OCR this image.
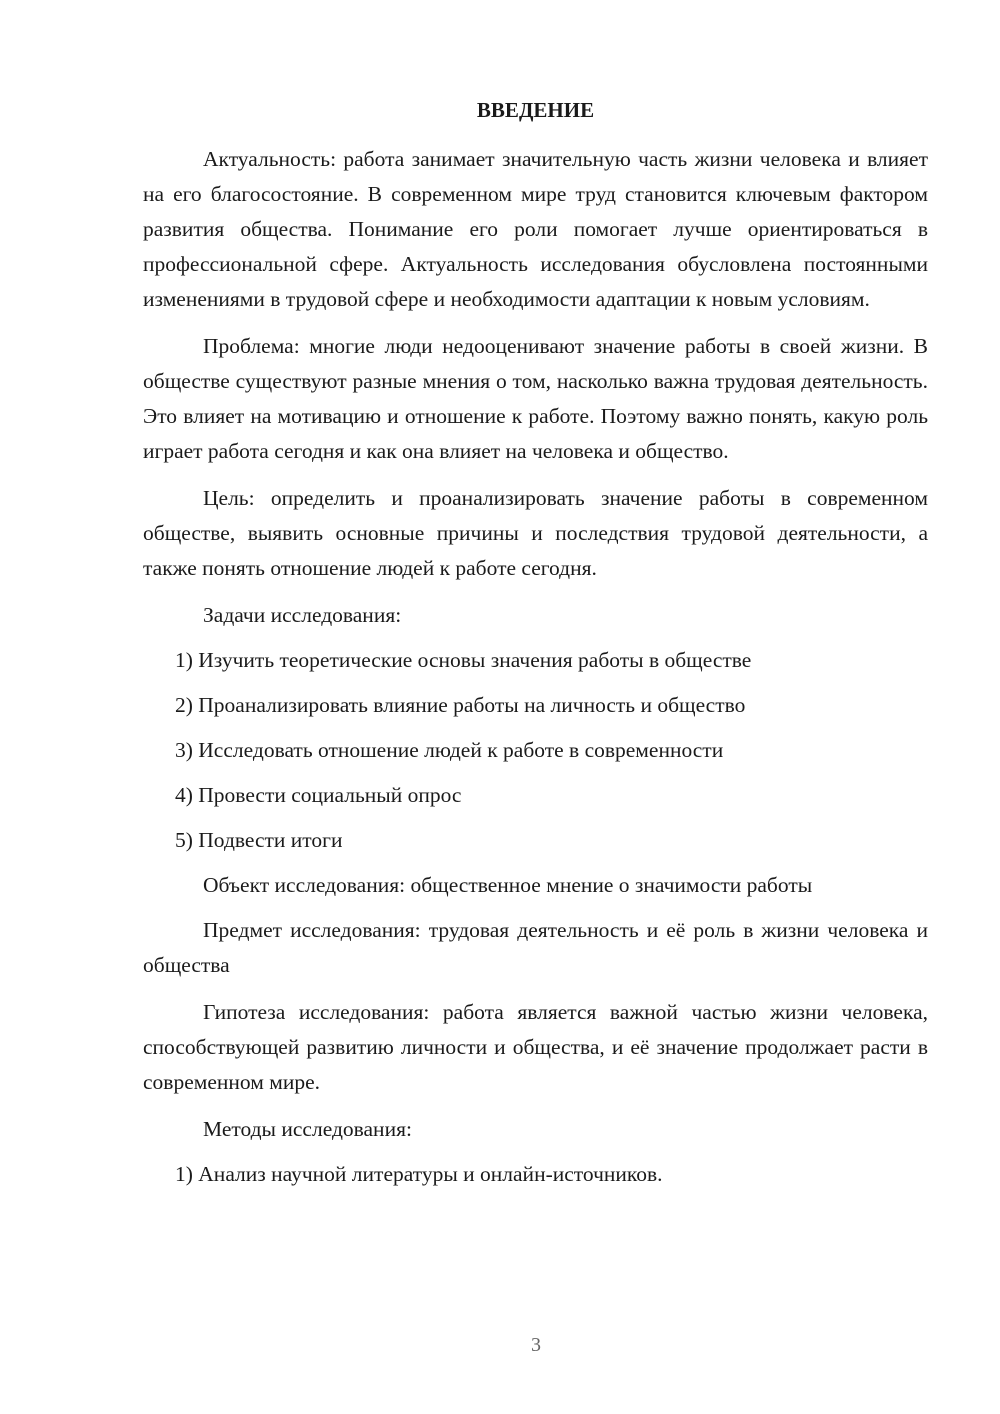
ВВЕДЕНИЕ

Актуальность: работа занимает значительную часть жизни человека и влияет на его благосостояние. В современном мире труд становится ключевым фактором развития общества. Понимание его роли помогает лучше ориентироваться в профессиональной сфере. Актуальность исследования обусловлена постоянными изменениями в трудовой сфере и необходимости адаптации к новым условиям.

Проблема: многие люди недооценивают значение работы в своей жизни. В обществе существуют разные мнения о том, насколько важна трудовая деятельность. Это влияет на мотивацию и отношение к работе. Поэтому важно понять, какую роль играет работа сегодня и как она влияет на человека и общество.

Цель: определить и проанализировать значение работы в современном обществе, выявить основные причины и последствия трудовой деятельности, а также понять отношение людей к работе сегодня.

Задачи исследования:
1) Изучить теоретические основы значения работы в обществе
2) Проанализировать влияние работы на личность и общество
3) Исследовать отношение людей к работе в современности
4) Провести социальный опрос
5) Подвести итоги
Объект исследования: общественное мнение о значимости работы

Предмет исследования: трудовая деятельность и её роль в жизни человека и общества

Гипотеза исследования: работа является важной частью жизни человека, способствующей развитию личности и общества, и её значение продолжает расти в современном мире.

Методы исследования:
1) Анализ научной литературы и онлайн-источников.
3
